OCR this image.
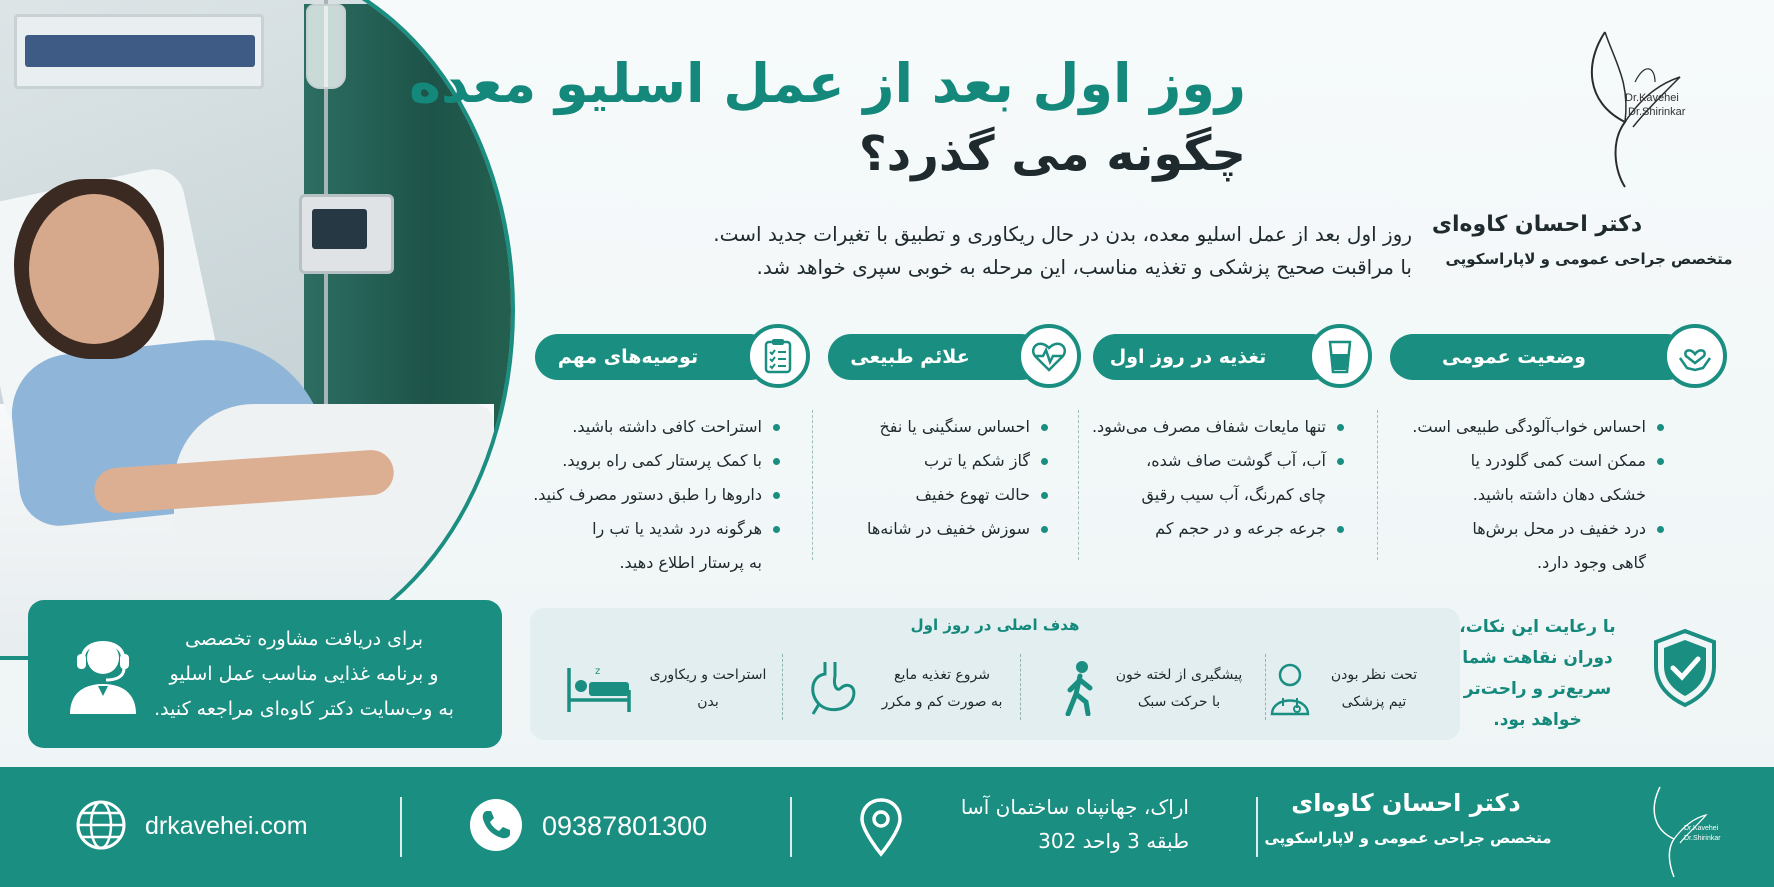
روز اول بعد از عمل اسلیو معده
چگونه می گذرد؟
روز اول بعد از عمل اسلیو معده، بدن در حال ریکاوری و تطبیق با تغیرات جدید است.
با مراقبت صحیح پزشکی و تغذیه مناسب، این مرحله به خوبی سپری خواهد شد.
Dr.Kavehei
Dr.Shirinkar
دکتر احسان کاوه‌ای
متخصص جراحی عمومی و لاپاراسکوپی
وضعیت عمومی
تغذیه در روز اول
علائم طبیعی
توصیه‌های مهم
احساس خواب‌آلودگی طبیعی است.
ممکن است کمی گلودرد یا
خشکی دهان داشته باشید.
درد خفیف در محل برش‌ها
گاهی وجود دارد.
تنها مایعات شفاف مصرف می‌شود.
آب، آب گوشت صاف شده،
چای کم‌رنگ، آب سیب رقیق
جرعه جرعه و در حجم کم
احساس سنگینی یا نفخ
گاز شکم یا ترب
حالت تهوع خفیف
سوزش خفیف در شانه‌ها
استراحت کافی داشته باشید.
با کمک پرستار کمی راه بروید.
داروها را طبق دستور مصرف کنید.
هرگونه درد شدید یا تب را
به پرستار اطلاع دهید.
برای دریافت مشاوره تخصصی
و برنامه غذایی مناسب عمل اسلیو
به وب‌سایت دکتر کاوه‌ای مراجعه کنید.
هدف اصلی در روز اول
تحت نظر بودن
تیم پزشکی
پیشگیری از لخته خون
با حرکت سبک
شروع تغذیه مایع
به صورت کم و مکرر
z	استراحت و ریکاوری
بدن
با رعایت این نکات،
دوران نقاهت شما
سریع‌تر و راحت‌تر
خواهد بود.
drkavehei.com	09387801300
اراک، جهانپناه ساختمان آسا
طبقه 3 واحد 302
دکتر احسان کاوه‌ای
متخصص جراحی عمومی و لاپاراسکوپی
Dr.Kavehei
Dr.Shirinkar
